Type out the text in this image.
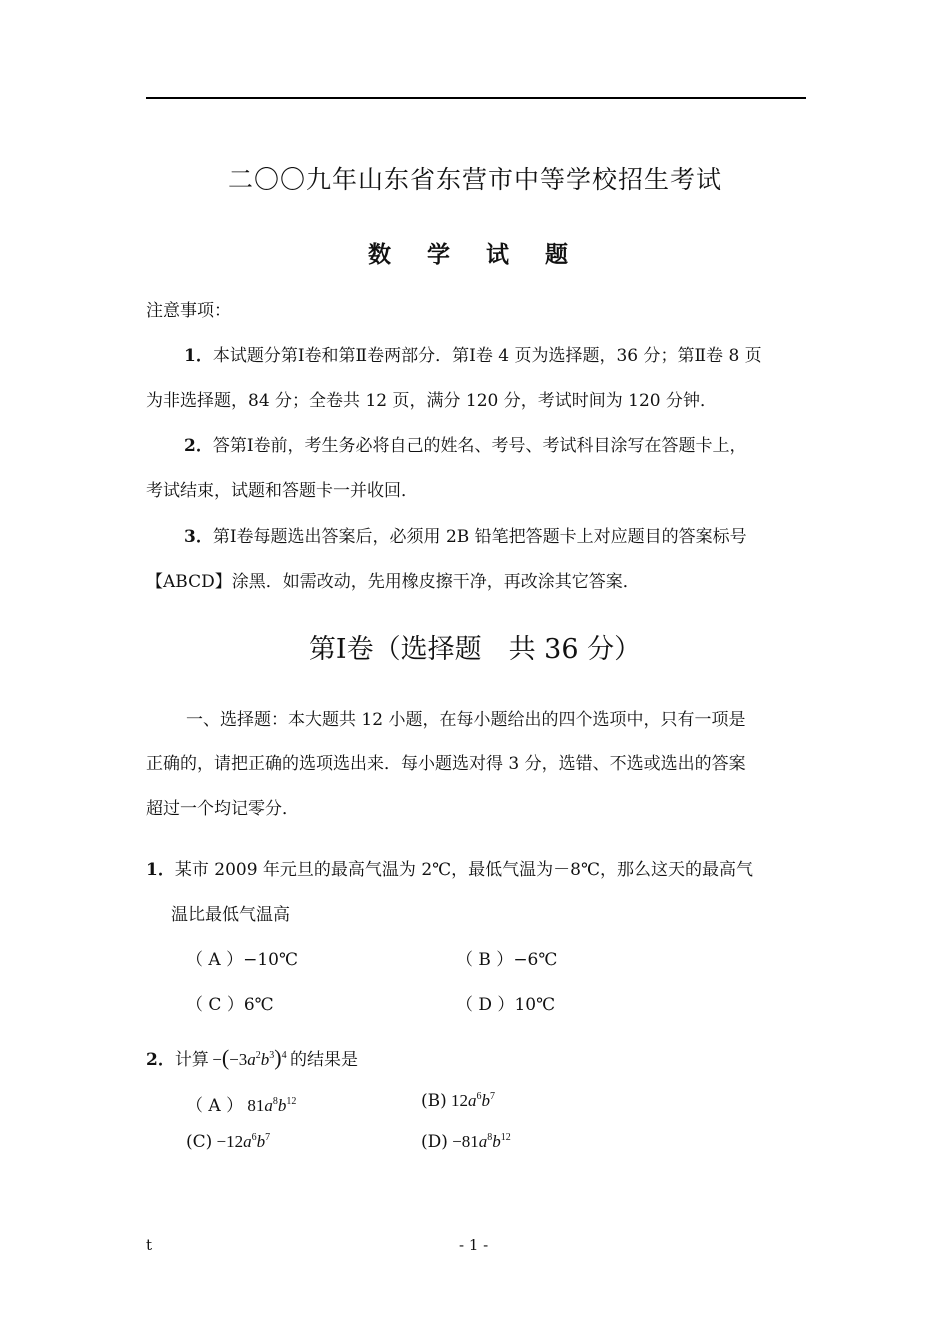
二〇〇九年山东省东营市中等学校招生考试
数 学 试 题
注意事项：
1．本试题分第Ⅰ卷和第Ⅱ卷两部分．第Ⅰ卷 4 页为选择题，36 分；第Ⅱ卷 8 页
为非选择题，84 分；全卷共 12 页，满分 120 分，考试时间为 120 分钟．
2．答第Ⅰ卷前，考生务必将自己的姓名、考号、考试科目涂写在答题卡上，
考试结束，试题和答题卡一并收回．
3．第Ⅰ卷每题选出答案后，必须用 2B 铅笔把答题卡上对应题目的答案标号
【ABCD】涂黑．如需改动，先用橡皮擦干净，再改涂其它答案．
第Ⅰ卷（选择题　共 36 分）
一、选择题：本大题共 12 小题，在每小题给出的四个选项中，只有一项是
正确的，请把正确的选项选出来．每小题选对得 3 分，选错、不选或选出的答案
超过一个均记零分．
1．某市 2009 年元旦的最高气温为 2℃，最低气温为－8℃，那么这天的最高气
温比最低气温高
（ A ）−10℃	（ B ）−6℃
（ C ）6℃	（ D ）10℃
2．计算 $-(-3a^2b^3)^4$  的结果是
（ A ） $81a^8b^{12}$	(B) $12a^6b^7$
$(C) -12a^6b^7$	$(D) -81a^8b^{12}$
t	- 1 -
